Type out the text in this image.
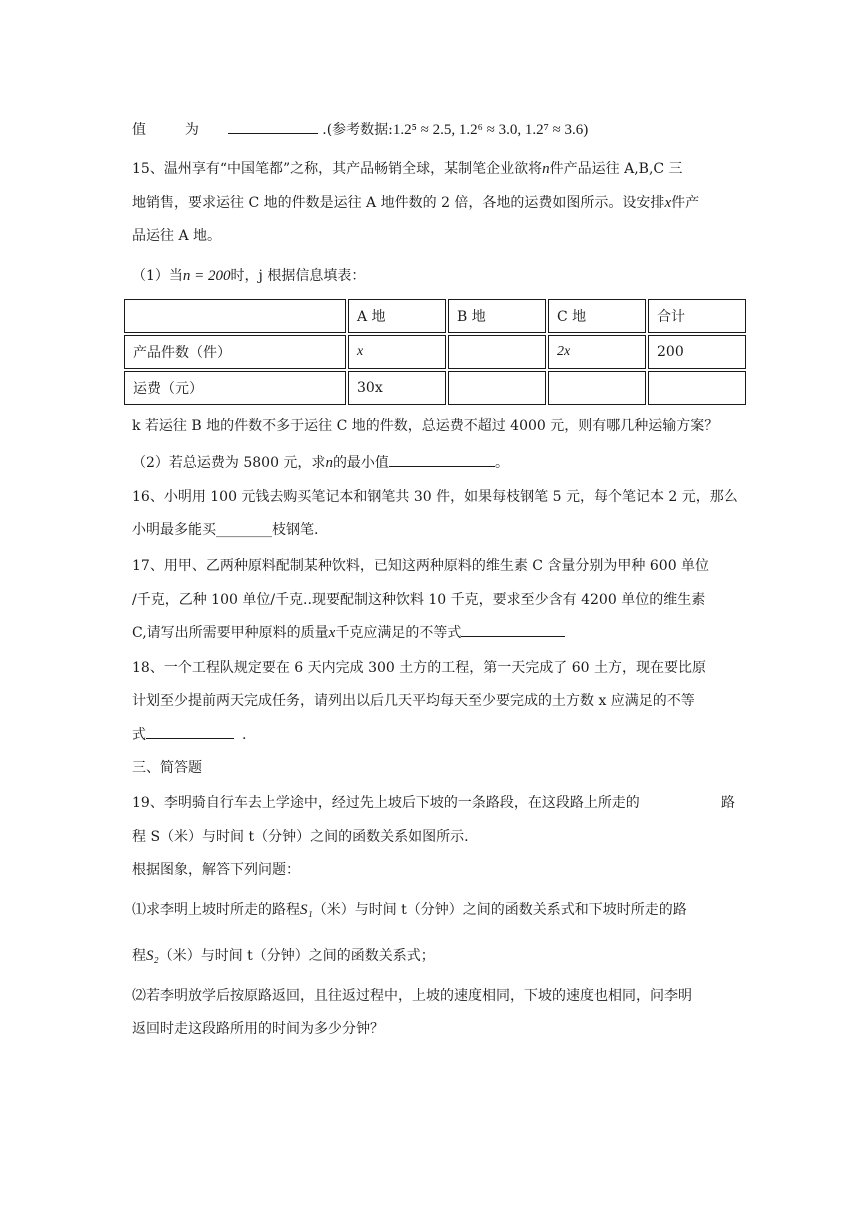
值	为	.(参考数据:1.2⁵ ≈ 2.5, 1.2⁶ ≈ 3.0, 1.2⁷ ≈ 3.6)
15、温州享有“中国笔都”之称，其产品畅销全球，某制笔企业欲将n件产品运往 A,B,C 三
地销售，要求运往 C 地的件数是运往 A 地件数的 2 倍，各地的运费如图所示。设安排x件产
品运往 A 地。
（1）当n = 200时，j 根据信息填表：
	A 地	B 地	C 地	合计
产品件数（件）	x		2x	200
运费（元）	30x			
k 若运往 B 地的件数不多于运往 C 地的件数，总运费不超过 4000 元，则有哪几种运输方案？
（2）若总运费为 5800 元，求n的最小值	。
16、小明用 100 元钱去购买笔记本和钢笔共 30 件，如果每枝钢笔 5 元，每个笔记本 2 元，那么
小明最多能买________枝钢笔.
17、用甲、乙两种原料配制某种饮料，已知这两种原料的维生素 C 含量分别为甲种 600 单位
/千克，乙种 100 单位/千克..现要配制这种饮料 10 千克，要求至少含有 4200 单位的维生素
C,请写出所需要甲种原料的质量x千克应满足的不等式
18、一个工程队规定要在 6 天内完成 300 土方的工程，第一天完成了 60 土方，现在要比原
计划至少提前两天完成任务，请列出以后几天平均每天至少要完成的土方数 x 应满足的不等
式	.
三、简答题
19、李明骑自行车去上学途中，经过先上坡后下坡的一条路段，在这段路上所走的	路
程 S（米）与时间 t（分钟）之间的函数关系如图所示.
根据图象，解答下列问题：
⑴求李明上坡时所走的路程S₁（米）与时间 t（分钟）之间的函数关系式和下坡时所走的路
程S₂（米）与时间 t（分钟）之间的函数关系式；
⑵若李明放学后按原路返回，且往返过程中，上坡的速度相同，下坡的速度也相同，问李明
返回时走这段路所用的时间为多少分钟？
